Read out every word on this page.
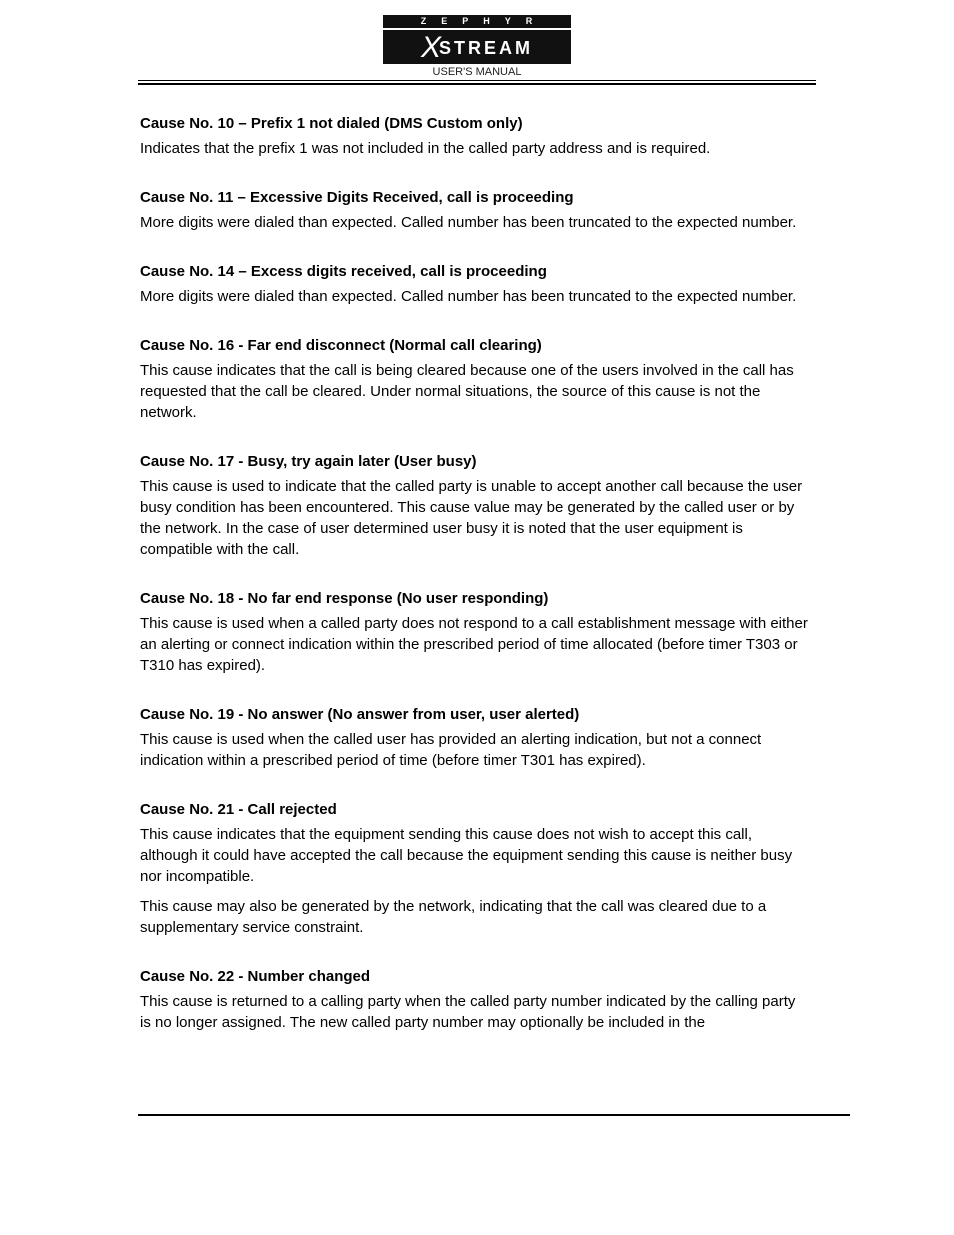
ZEPHYR
XSTREAM
USER'S MANUAL
Cause No. 10 – Prefix 1 not dialed (DMS Custom only)
Indicates that the prefix 1 was not included in the called party address and is required.
Cause No. 11 – Excessive Digits Received, call is proceeding
More digits were dialed than expected. Called number has been truncated to the expected number.
Cause No. 14 – Excess digits received, call is proceeding
More digits were dialed than expected. Called number has been truncated to the expected number.
Cause No. 16 - Far end disconnect (Normal call clearing)
This cause indicates that the call is being cleared because one of the users involved in the call has requested that the call be cleared. Under normal situations, the source of this cause is not the network.
Cause No. 17 - Busy, try again later (User busy)
This cause is used to indicate that the called party is unable to accept another call because the user busy condition has been encountered. This cause value may be generated by the called user or by the network. In the case of user determined user busy it is noted that the user equipment is compatible with the call.
Cause No. 18 - No far end response (No user responding)
This cause is used when a called party does not respond to a call establishment message with either an alerting or connect indication within the prescribed period of time allocated (before timer T303 or T310 has expired).
Cause No. 19 - No answer (No answer from user, user alerted)
This cause is used when the called user has provided an alerting indication, but not a connect indication within a prescribed period of time (before timer T301 has expired).
Cause No. 21 - Call rejected
This cause indicates that the equipment sending this cause does not wish to accept this call, although it could have accepted the call because the equipment sending this cause is neither busy nor incompatible.
This cause may also be generated by the network, indicating that the call was cleared due to a supplementary service constraint.
Cause No. 22 - Number changed
This cause is returned to a calling party when the called party number indicated by the calling party is no longer assigned. The new called party number may optionally be included in the
